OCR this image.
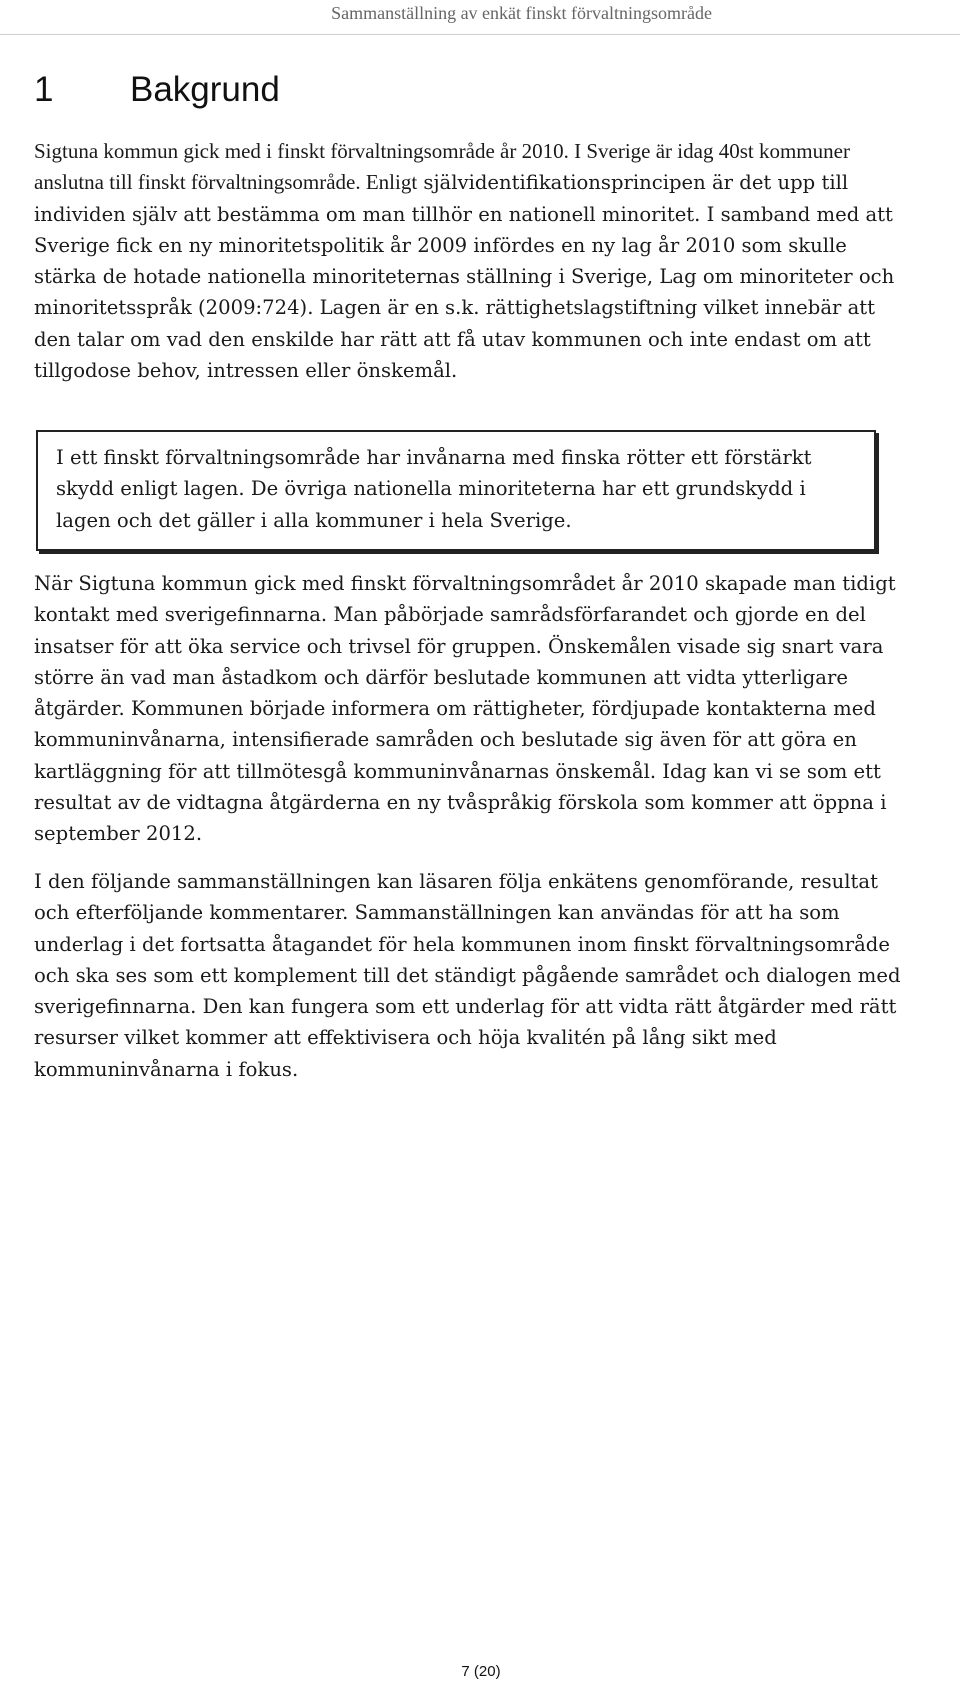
Sammanställning av enkät finskt förvaltningsområde
1 Bakgrund

Sigtuna kommun gick med i finskt förvaltningsområde år 2010. I Sverige är idag 40st kommuner anslutna till finskt förvaltningsområde. Enligt självidentifikationsprincipen är det upp till individen själv att bestämma om man tillhör en nationell minoritet. I samband med att Sverige fick en ny minoritetspolitik år 2009 infördes en ny lag år 2010 som skulle stärka de hotade nationella minoriteternas ställning i Sverige, Lag om minoriteter och minoritetsspråk (2009:724). Lagen är en s.k. rättighetslagstiftning vilket innebär att den talar om vad den enskilde har rätt att få utav kommunen och inte endast om att tillgodose behov, intressen eller önskemål.

I ett finskt förvaltningsområde har invånarna med finska rötter ett förstärkt skydd enligt lagen. De övriga nationella minoriteterna har ett grundskydd i lagen och det gäller i alla kommuner i hela Sverige.

När Sigtuna kommun gick med finskt förvaltningsområdet år 2010 skapade man tidigt kontakt med sverigefinnarna. Man påbörjade samrådsförfarandet och gjorde en del insatser för att öka service och trivsel för gruppen. Önskemålen visade sig snart vara större än vad man åstadkom och därför beslutade kommunen att vidta ytterligare åtgärder. Kommunen började informera om rättigheter, fördjupade kontakterna med kommuninvånarna, intensifierade samråden och beslutade sig även för att göra en kartläggning för att tillmötesgå kommuninvånarnas önskemål. Idag kan vi se som ett resultat av de vidtagna åtgärderna en ny tvåspråkig förskola som kommer att öppna i september 2012.

I den följande sammanställningen kan läsaren följa enkätens genomförande, resultat och efterföljande kommentarer. Sammanställningen kan användas för att ha som underlag i det fortsatta åtagandet för hela kommunen inom finskt förvaltningsområde och ska ses som ett komplement till det ständigt pågående samrådet och dialogen med sverigefinnarna. Den kan fungera som ett underlag för att vidta rätt åtgärder med rätt resurser vilket kommer att effektivisera och höja kvalitén på lång sikt med kommuninvånarna i fokus.

7 (20)
